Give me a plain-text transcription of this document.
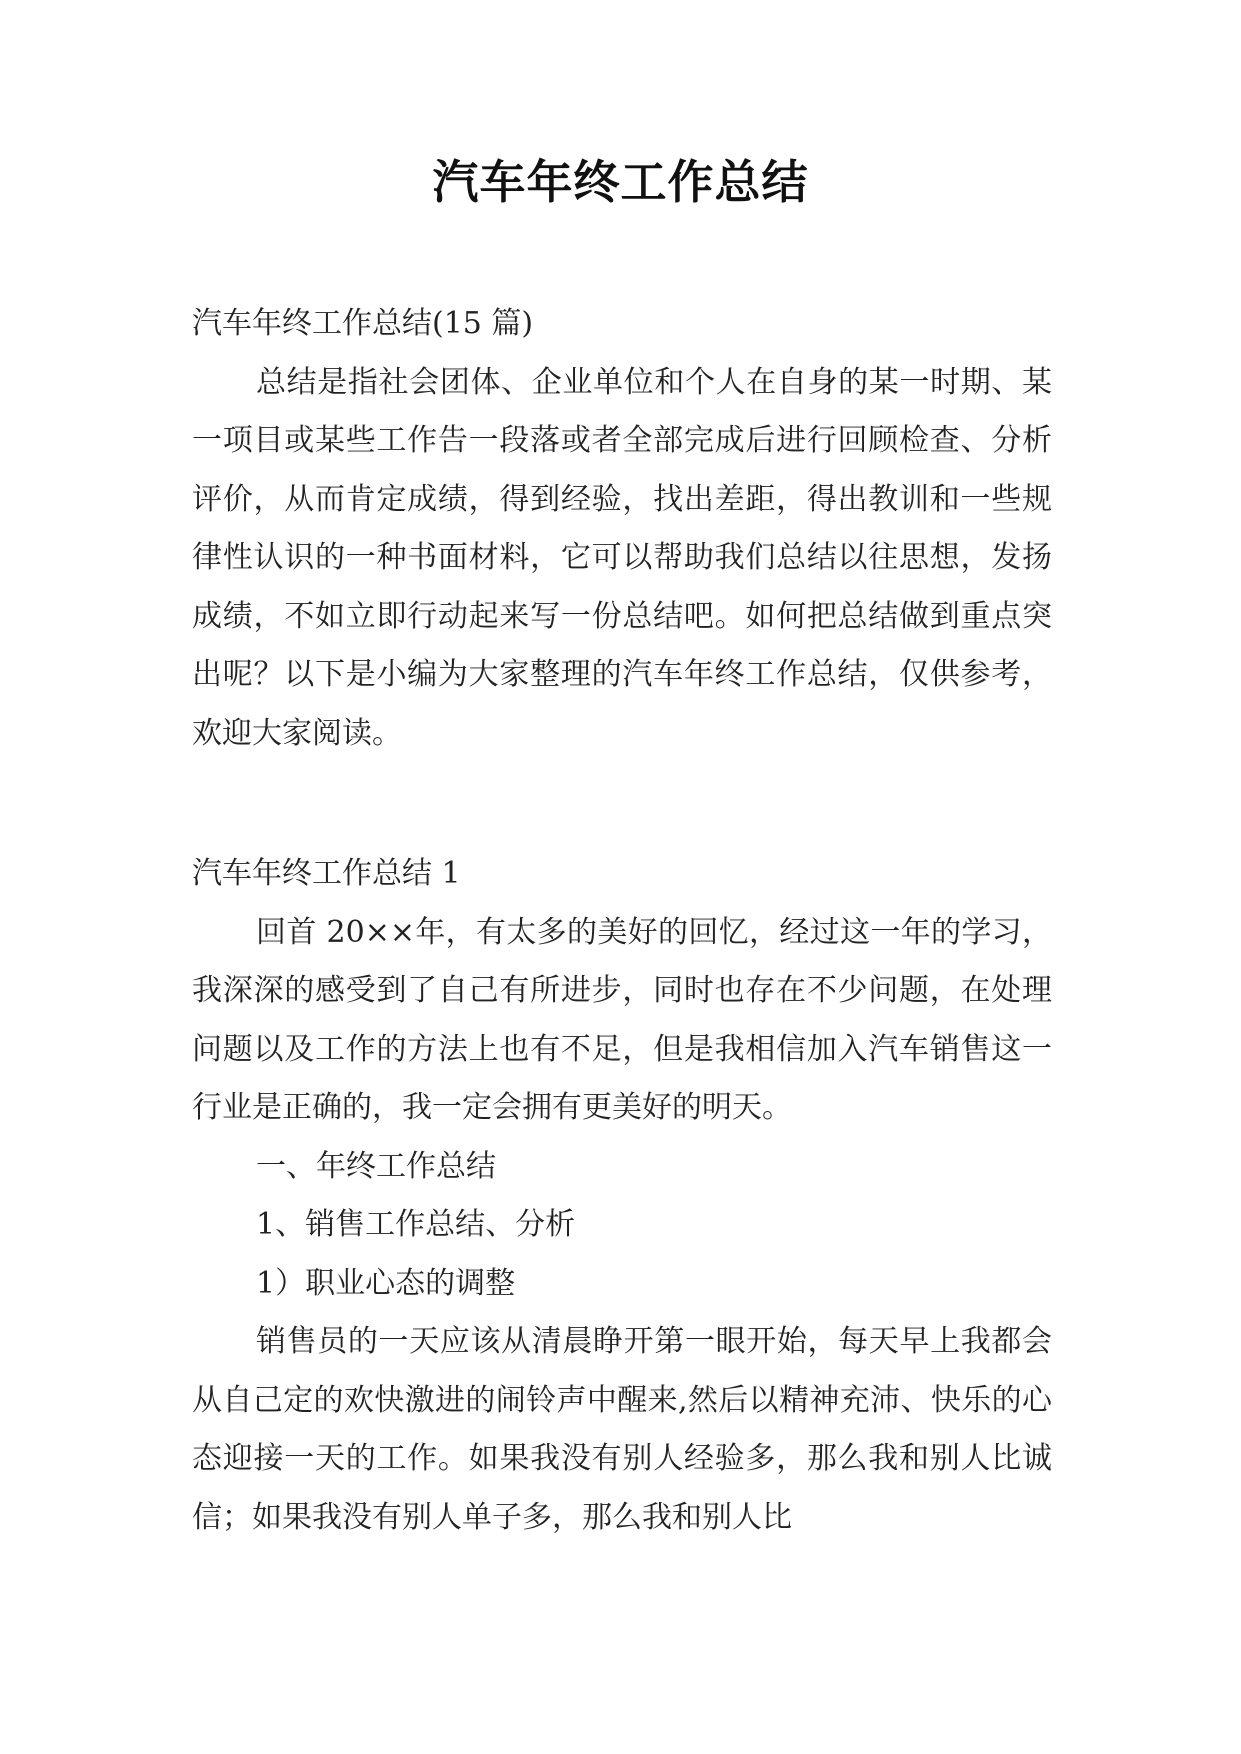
汽车年终工作总结

汽车年终工作总结(15 篇)

总结是指社会团体、企业单位和个人在自身的某一时期、某一项目或某些工作告一段落或者全部完成后进行回顾检查、分析评价，从而肯定成绩，得到经验，找出差距，得出教训和一些规律性认识的一种书面材料，它可以帮助我们总结以往思想，发扬成绩，不如立即行动起来写一份总结吧。如何把总结做到重点突出呢？以下是小编为大家整理的汽车年终工作总结，仅供参考，欢迎大家阅读。

汽车年终工作总结 1

回首 20××年，有太多的美好的回忆，经过这一年的学习，我深深的感受到了自己有所进步，同时也存在不少问题，在处理问题以及工作的方法上也有不足，但是我相信加入汽车销售这一行业是正确的，我一定会拥有更美好的明天。

一、年终工作总结

1、销售工作总结、分析

1）职业心态的调整

销售员的一天应该从清晨睁开第一眼开始，每天早上我都会从自己定的欢快激进的闹铃声中醒来,然后以精神充沛、快乐的心态迎接一天的工作。如果我没有别人经验多，那么我和别人比诚信；如果我没有别人单子多，那么我和别人比
